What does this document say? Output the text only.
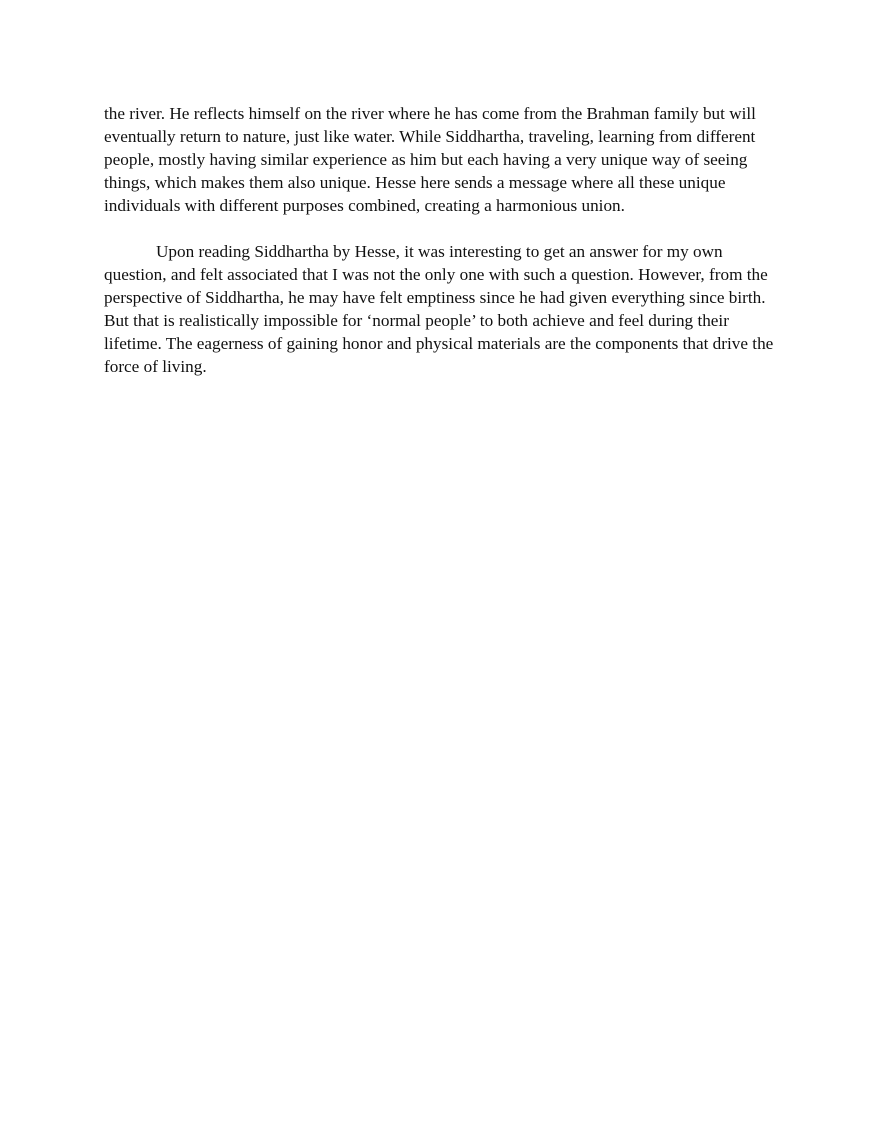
the river. He reflects himself on the river where he has come from the Brahman family but will
eventually return to nature, just like water. While Siddhartha, traveling, learning from different
people, mostly having similar experience as him but each having a very unique way of seeing
things, which makes them also unique. Hesse here sends a message where all these unique
individuals with different purposes combined, creating a harmonious union.
Upon reading Siddhartha by Hesse, it was interesting to get an answer for my own
question, and felt associated that I was not the only one with such a question. However, from the
perspective of Siddhartha, he may have felt emptiness since he had given everything since birth.
But that is realistically impossible for ‘normal people’ to both achieve and feel during their
lifetime. The eagerness of gaining honor and physical materials are the components that drive the
force of living.
